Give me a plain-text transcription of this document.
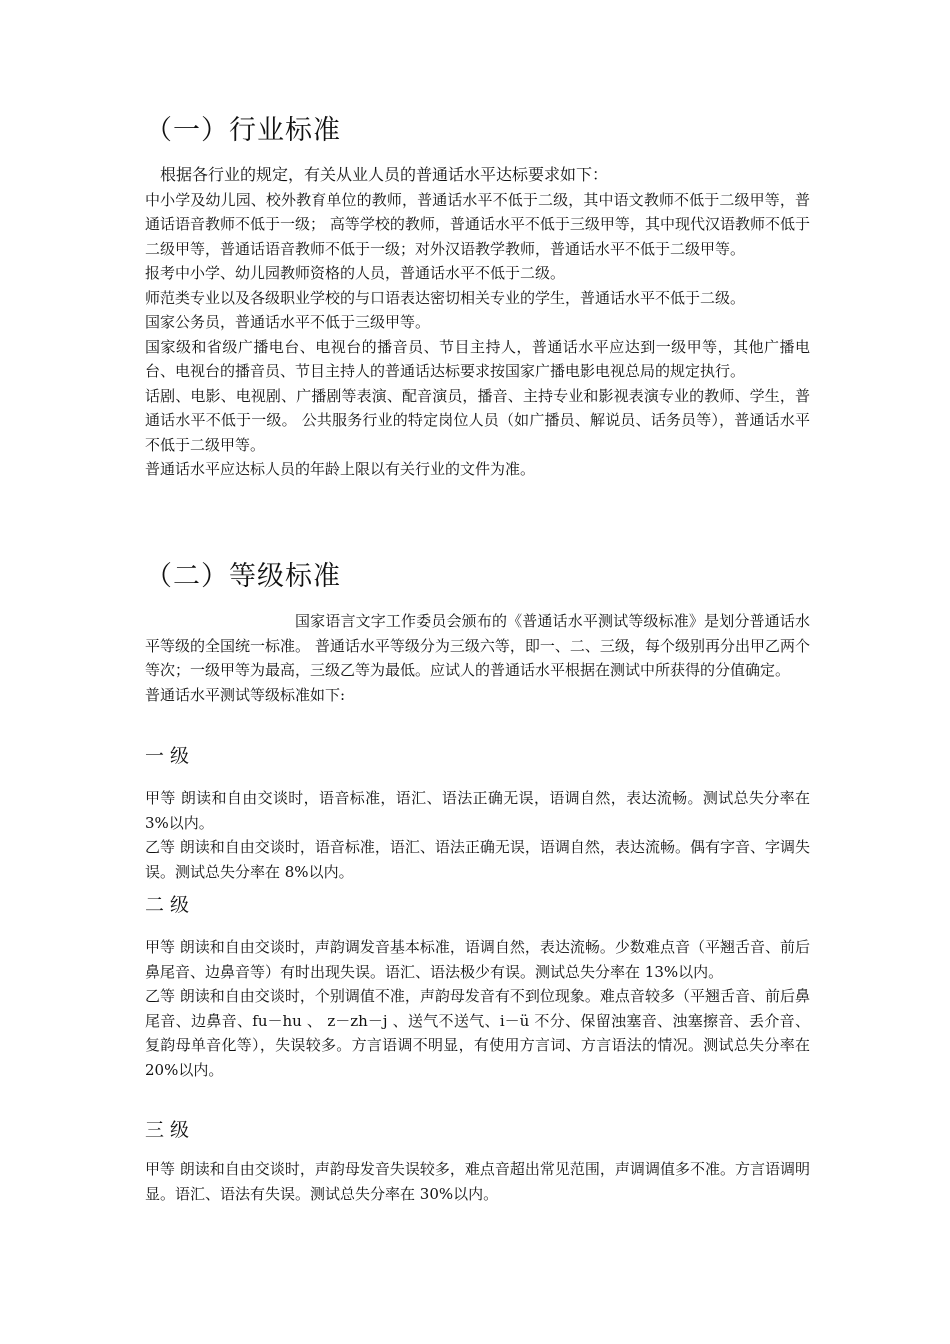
（一）行业标准

根据各行业的规定，有关从业人员的普通话水平达标要求如下：

中小学及幼儿园、校外教育单位的教师，普通话水平不低于二级，其中语文教师不低于二级甲等，普通话语音教师不低于一级； 高等学校的教师，普通话水平不低于三级甲等，其中现代汉语教师不低于二级甲等，普通话语音教师不低于一级；对外汉语教学教师，普通话水平不低于二级甲等。

报考中小学、幼儿园教师资格的人员，普通话水平不低于二级。

师范类专业以及各级职业学校的与口语表达密切相关专业的学生，普通话水平不低于二级。

国家公务员，普通话水平不低于三级甲等。

国家级和省级广播电台、电视台的播音员、节目主持人，普通话水平应达到一级甲等，其他广播电台、电视台的播音员、节目主持人的普通话达标要求按国家广播电影电视总局的规定执行。

话剧、电影、电视剧、广播剧等表演、配音演员，播音、主持专业和影视表演专业的教师、学生，普通话水平不低于一级。 公共服务行业的特定岗位人员（如广播员、解说员、话务员等），普通话水平不低于二级甲等。

普通话水平应达标人员的年龄上限以有关行业的文件为准。

（二）等级标准

国家语言文字工作委员会颁布的《普通话水平测试等级标准》是划分普通话水平等级的全国统一标准。 普通话水平等级分为三级六等，即一、二、三级，每个级别再分出甲乙两个等次；一级甲等为最高，三级乙等为最低。应试人的普通话水平根据在测试中所获得的分值确定。

普通话水平测试等级标准如下:

一 级

甲等 朗读和自由交谈时，语音标准，语汇、语法正确无误，语调自然，表达流畅。测试总失分率在 3%以内。

乙等 朗读和自由交谈时，语音标准，语汇、语法正确无误，语调自然，表达流畅。偶有字音、字调失误。测试总失分率在 8%以内。

二 级

甲等 朗读和自由交谈时，声韵调发音基本标准，语调自然，表达流畅。少数难点音（平翘舌音、前后鼻尾音、边鼻音等）有时出现失误。语汇、语法极少有误。测试总失分率在 13%以内。

乙等 朗读和自由交谈时，个别调值不准，声韵母发音有不到位现象。难点音较多（平翘舌音、前后鼻尾音、边鼻音、fu－hu 、 z－zh－j 、送气不送气、i－ü 不分、保留浊塞音、浊塞擦音、丢介音、复韵母单音化等），失误较多。方言语调不明显，有使用方言词、方言语法的情况。测试总失分率在 20%以内。

三 级

甲等 朗读和自由交谈时，声韵母发音失误较多，难点音超出常见范围，声调调值多不准。方言语调明显。语汇、语法有失误。测试总失分率在 30%以内。
